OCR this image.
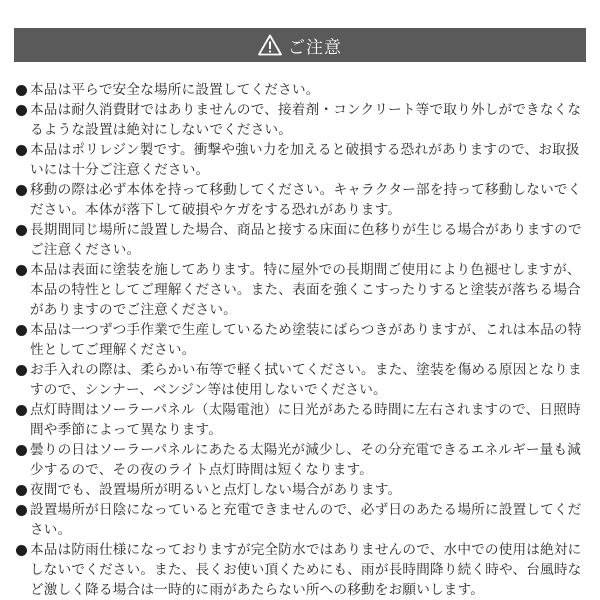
ご注意
本品は平らで安全な場所に設置してください。
本品は耐久消費財ではありませんので、接着剤・コンクリート等で取り外しができなくなるような設置は絶対にしないでください。
本品はポリレジン製です。衝撃や強い力を加えると破損する恐れがありますので、お取扱いには十分ご注意ください。
移動の際は必ず本体を持って移動してください。キャラクター部を持って移動しないでください。本体が落下して破損やケガをする恐れがあります。
長期間同じ場所に設置した場合、商品と接する床面に色移りが生じる場合がありますのでご注意ください。
本品は表面に塗装を施してあります。特に屋外での長期間ご使用により色褪せしますが、本品の特性としてご理解ください。また、表面を強くこすったりすると塗装が落ちる場合がありますのでご注意ください。
本品は一つずつ手作業で生産しているため塗装にばらつきがありますが、これは本品の特性としてご理解ください。
お手入れの際は、柔らかい布等で軽く拭いてください。また、塗装を傷める原因となりますので、シンナー、ベンジン等は使用しないでください。
点灯時間はソーラーパネル（太陽電池）に日光があたる時間に左右されますので、日照時間や季節によって異なります。
曇りの日はソーラーパネルにあたる太陽光が減少し、その分充電できるエネルギー量も減少するので、その夜のライト点灯時間は短くなります。
夜間でも、設置場所が明るいと点灯しない場合があります。
設置場所が日陰になっていると充電できませんので、必ず日のあたる場所に設置してください。
本品は防雨仕様になっておりますが完全防水ではありませんので、水中での使用は絶対にしないでください。また、長くお使い頂くためにも、雨が長時間降り続く時や、台風時など激しく降る場合は一時的に雨があたらない所への移動をお願いします。
